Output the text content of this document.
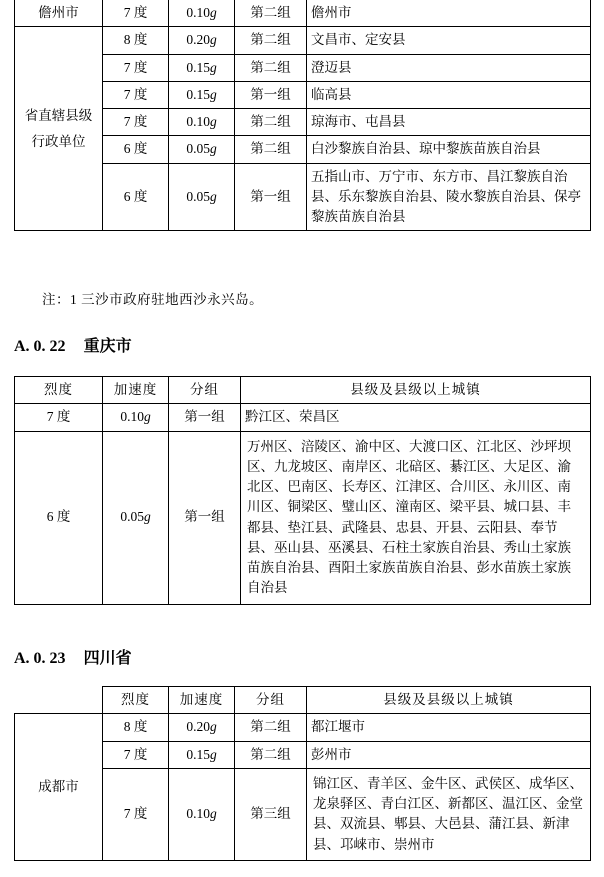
儋州市	7 度	0.10g	第二组	儋州市
省直辖县级行政单位	8 度	0.20g	第二组	文昌市、定安县
	7 度	0.15g	第二组	澄迈县
	7 度	0.15g	第一组	临高县
	7 度	0.10g	第二组	琼海市、屯昌县
	6 度	0.05g	第二组	白沙黎族自治县、琼中黎族苗族自治县
	6 度	0.05g	第一组	五指山市、万宁市、东方市、昌江黎族自治县、乐东黎族自治县、陵水黎族自治县、保亭黎族苗族自治县
注：1 三沙市政府驻地西沙永兴岛。
A. 0. 22 重庆市
烈度	加速度	分组	县级及县级以上城镇
7 度	0.10g	第一组	黔江区、荣昌区
6 度	0.05g	第一组	万州区、涪陵区、渝中区、大渡口区、江北区、沙坪坝区、九龙坡区、南岸区、北碚区、綦江区、大足区、渝北区、巴南区、长寿区、江津区、合川区、永川区、南川区、铜梁区、璧山区、潼南区、梁平县、城口县、丰都县、垫江县、武隆县、忠县、开县、云阳县、奉节县、巫山县、巫溪县、石柱土家族自治县、秀山土家族苗族自治县、酉阳土家族苗族自治县、彭水苗族土家族自治县
A. 0. 23 四川省
	烈度	加速度	分组	县级及县级以上城镇
成都市	8 度	0.20g	第二组	都江堰市
	7 度	0.15g	第二组	彭州市
	7 度	0.10g	第三组	锦江区、青羊区、金牛区、武侯区、成华区、龙泉驿区、青白江区、新都区、温江区、金堂县、双流县、郫县、大邑县、蒲江县、新津县、邛崃市、崇州市
